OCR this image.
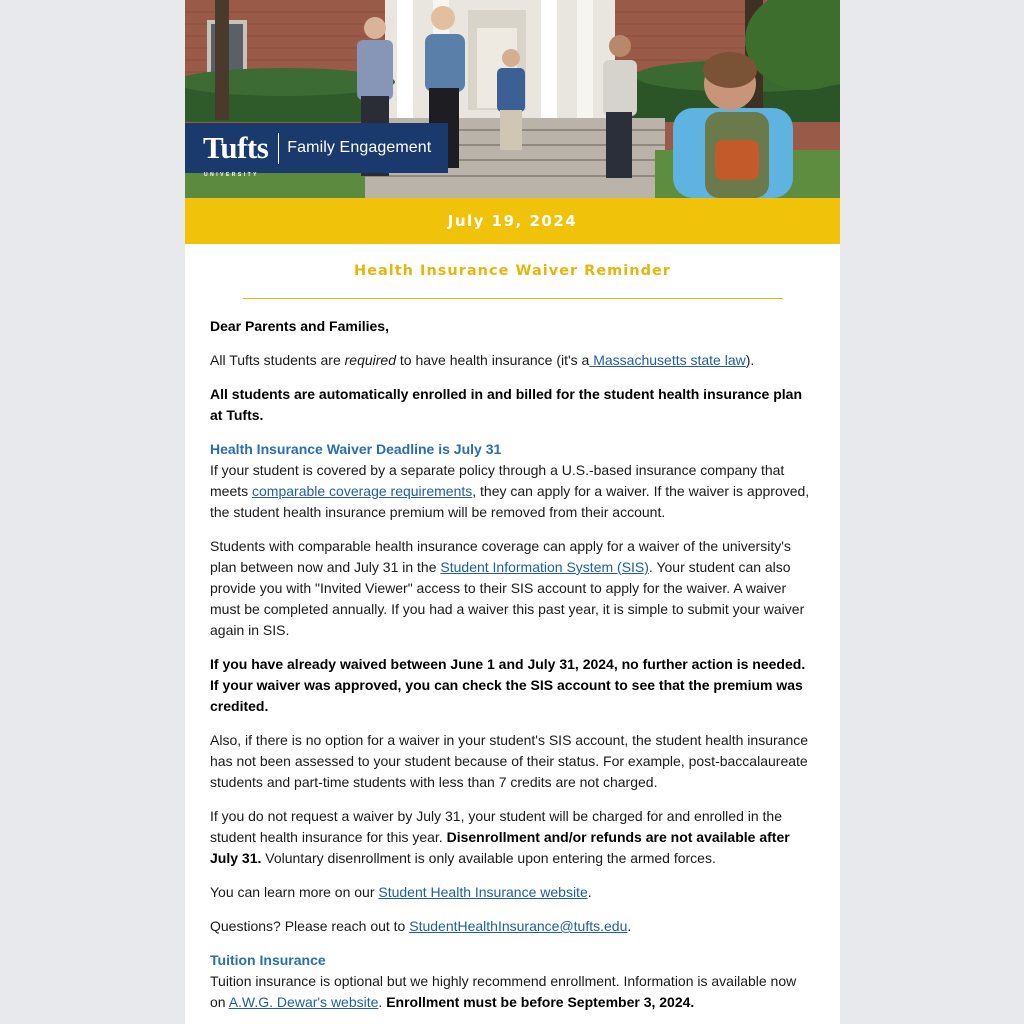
Tufts
UNIVERSITY
Family Engagement
July 19, 2024
Health Insurance Waiver Reminder

Dear Parents and Families,

All Tufts students are required to have health insurance (it's a Massachusetts state law).

All students are automatically enrolled in and billed for the student health insurance plan at Tufts.

Health Insurance Waiver Deadline is July 31
If your student is covered by a separate policy through a U.S.-based insurance company that meets comparable coverage requirements, they can apply for a waiver. If the waiver is approved, the student health insurance premium will be removed from their account.

Students with comparable health insurance coverage can apply for a waiver of the university's plan between now and July 31 in the Student Information System (SIS). Your student can also provide you with "Invited Viewer" access to their SIS account to apply for the waiver. A waiver must be completed annually. If you had a waiver this past year, it is simple to submit your waiver again in SIS.

If you have already waived between June 1 and July 31, 2024, no further action is needed. If your waiver was approved, you can check the SIS account to see that the premium was credited.

Also, if there is no option for a waiver in your student's SIS account, the student health insurance has not been assessed to your student because of their status. For example, post-baccalaureate students and part-time students with less than 7 credits are not charged.

If you do not request a waiver by July 31, your student will be charged for and enrolled in the student health insurance for this year. Disenrollment and/or refunds are not available after July 31. Voluntary disenrollment is only available upon entering the armed forces.

You can learn more on our Student Health Insurance website.

Questions? Please reach out to StudentHealthInsurance@tufts.edu.

Tuition Insurance
Tuition insurance is optional but we highly recommend enrollment. Information is available now on A.W.G. Dewar's website. Enrollment must be before September 3, 2024.
